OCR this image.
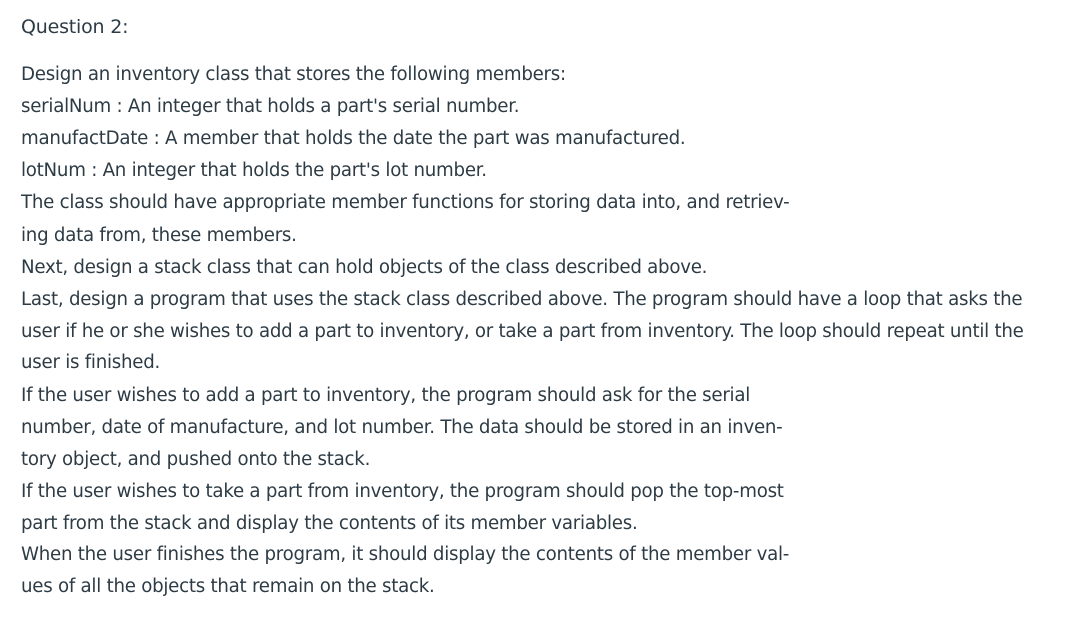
Question 2:
Design an inventory class that stores the following members:
serialNum : An integer that holds a part's serial number.
manufactDate : A member that holds the date the part was manufactured.
lotNum : An integer that holds the part's lot number.
The class should have appropriate member functions for storing data into, and retriev-
ing data from, these members.
Next, design a stack class that can hold objects of the class described above.
Last, design a program that uses the stack class described above. The program should have a loop that asks the
user if he or she wishes to add a part to inventory, or take a part from inventory. The loop should repeat until the
user is finished.
If the user wishes to add a part to inventory, the program should ask for the serial
number, date of manufacture, and lot number. The data should be stored in an inven-
tory object, and pushed onto the stack.
If the user wishes to take a part from inventory, the program should pop the top-most
part from the stack and display the contents of its member variables.
When the user finishes the program, it should display the contents of the member val-
ues of all the objects that remain on the stack.
